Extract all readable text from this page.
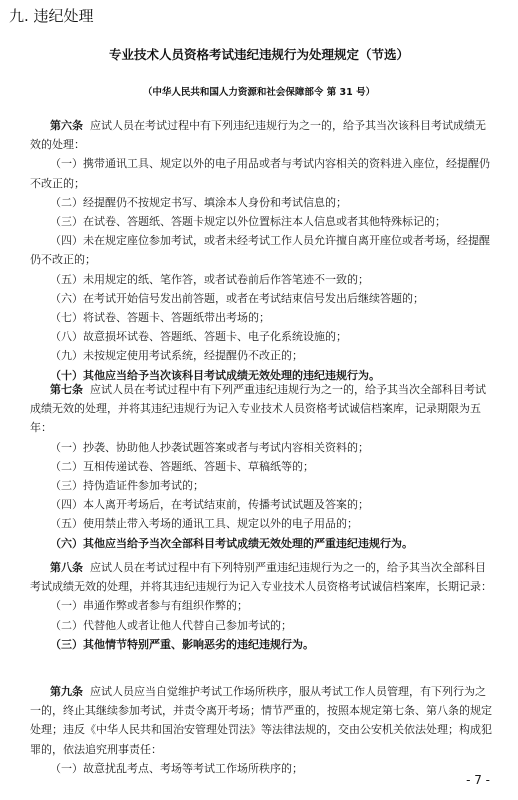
九. 违纪处理
专业技术人员资格考试违纪违规行为处理规定（节选）
（中华人民共和国人力资源和社会保障部令 第 31 号）

第六条 应试人员在考试过程中有下列违纪违规行为之一的，给予其当次该科目考试成绩无效的处理：

（一）携带通讯工具、规定以外的电子用品或者与考试内容相关的资料进入座位，经提醒仍不改正的；

（二）经提醒仍不按规定书写、填涂本人身份和考试信息的；

（三）在试卷、答题纸、答题卡规定以外位置标注本人信息或者其他特殊标记的；

（四）未在规定座位参加考试，或者未经考试工作人员允许擅自离开座位或者考场，经提醒仍不改正的；

（五）未用规定的纸、笔作答，或者试卷前后作答笔迹不一致的；

（六）在考试开始信号发出前答题，或者在考试结束信号发出后继续答题的；

（七）将试卷、答题卡、答题纸带出考场的；

（八）故意损坏试卷、答题纸、答题卡、电子化系统设施的；

（九）未按规定使用考试系统，经提醒仍不改正的；

（十）其他应当给予当次该科目考试成绩无效处理的违纪违规行为。

第七条 应试人员在考试过程中有下列严重违纪违规行为之一的，给予其当次全部科目考试成绩无效的处理，并将其违纪违规行为记入专业技术人员资格考试诚信档案库，记录期限为五年：

（一）抄袭、协助他人抄袭试题答案或者与考试内容相关资料的；

（二）互相传递试卷、答题纸、答题卡、草稿纸等的；

（三）持伪造证件参加考试的；

（四）本人离开考场后，在考试结束前，传播考试试题及答案的；

（五）使用禁止带入考场的通讯工具、规定以外的电子用品的；

（六）其他应当给予当次全部科目考试成绩无效处理的严重违纪违规行为。

第八条 应试人员在考试过程中有下列特别严重违纪违规行为之一的，给予其当次全部科目考试成绩无效的处理，并将其违纪违规行为记入专业技术人员资格考试诚信档案库，长期记录：

（一）串通作弊或者参与有组织作弊的；

（二）代替他人或者让他人代替自己参加考试的；

（三）其他情节特别严重、影响恶劣的违纪违规行为。

第九条 应试人员应当自觉维护考试工作场所秩序，服从考试工作人员管理，有下列行为之一的，终止其继续参加考试，并责令离开考场；情节严重的，按照本规定第七条、第八条的规定处理；违反《中华人民共和国治安管理处罚法》等法律法规的，交由公安机关依法处理；构成犯罪的，依法追究刑事责任：

（一）故意扰乱考点、考场等考试工作场所秩序的；

- 7 -
